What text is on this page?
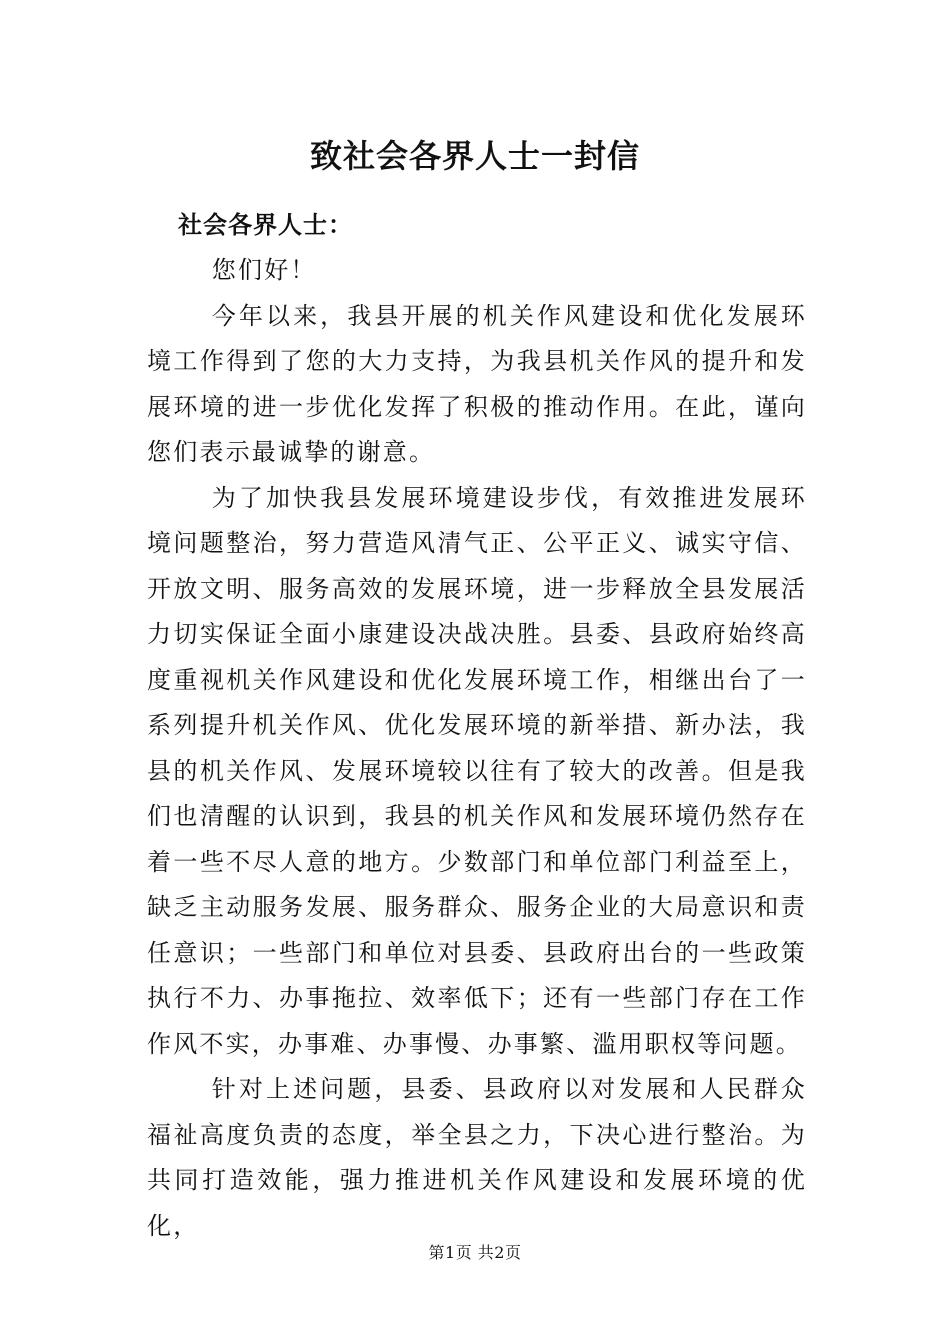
致社会各界人士一封信
社会各界人士：

您们好！

今年以来，我县开展的机关作风建设和优化发展环境工作得到了您的大力支持，为我县机关作风的提升和发展环境的进一步优化发挥了积极的推动作用。在此，谨向您们表示最诚挚的谢意。

为了加快我县发展环境建设步伐，有效推进发展环境问题整治，努力营造风清气正、公平正义、诚实守信、开放文明、服务高效的发展环境，进一步释放全县发展活力切实保证全面小康建设决战决胜。县委、县政府始终高度重视机关作风建设和优化发展环境工作，相继出台了一系列提升机关作风、优化发展环境的新举措、新办法，我县的机关作风、发展环境较以往有了较大的改善。但是我们也清醒的认识到，我县的机关作风和发展环境仍然存在着一些不尽人意的地方。少数部门和单位部门利益至上，缺乏主动服务发展、服务群众、服务企业的大局意识和责任意识；一些部门和单位对县委、县政府出台的一些政策执行不力、办事拖拉、效率低下；还有一些部门存在工作作风不实，办事难、办事慢、办事繁、滥用职权等问题。

针对上述问题，县委、县政府以对发展和人民群众福祉高度负责的态度，举全县之力，下决心进行整治。为共同打造效能，强力推进机关作风建设和发展环境的优化，

第1页 共2页
